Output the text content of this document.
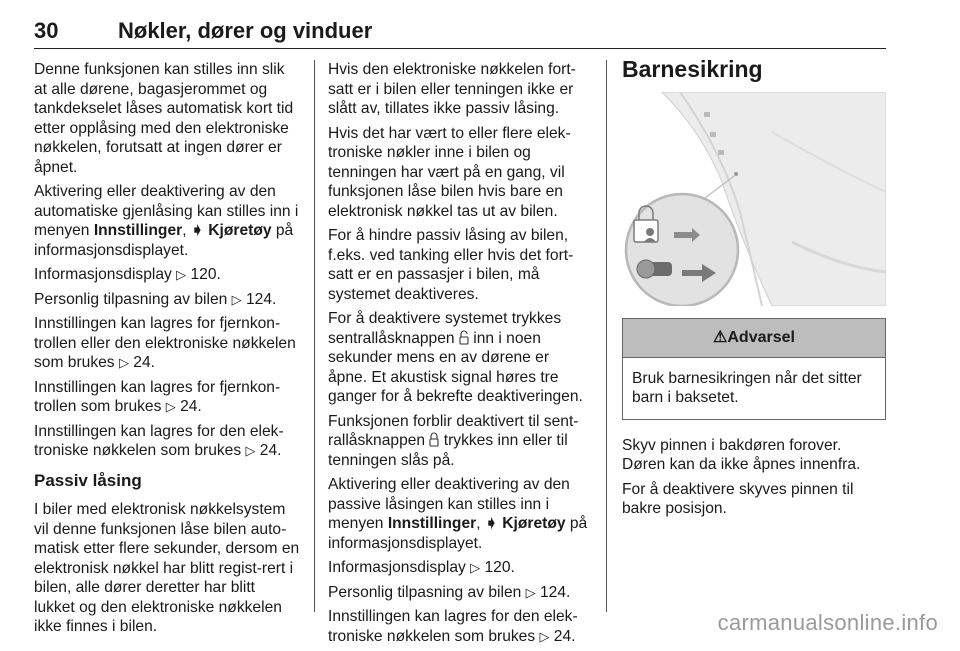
30	Nøkler, dører og vinduer

Denne funksjonen kan stilles inn slik at alle dørene, bagasjerommet og tankdekselet låses automatisk kort tid etter opplåsing med den elektroniske nøkkelen, forutsatt at ingen dører er åpnet.

Aktivering eller deaktivering av den automatiske gjenlåsing kan stilles inn i menyen Innstillinger, ➧ Kjøretøy på informasjonsdisplayet.

Informasjonsdisplay ▷ 120.

Personlig tilpasning av bilen ▷ 124.

Innstillingen kan lagres for fjernkon-trollen eller den elektroniske nøkkelen som brukes ▷ 24.

Innstillingen kan lagres for fjernkon-trollen som brukes ▷ 24.

Innstillingen kan lagres for den elek-troniske nøkkelen som brukes ▷ 24.

Passiv låsing

I biler med elektronisk nøkkelsystem vil denne funksjonen låse bilen auto-matisk etter flere sekunder, dersom en elektronisk nøkkel har blitt regist-rert i bilen, alle dører deretter har blitt lukket og den elektroniske nøkkelen ikke finnes i bilen.

Hvis den elektroniske nøkkelen fort-satt er i bilen eller tenningen ikke er slått av, tillates ikke passiv låsing.

Hvis det har vært to eller flere elek-troniske nøkler inne i bilen og tenningen har vært på en gang, vil funksjonen låse bilen hvis bare en elektronisk nøkkel tas ut av bilen.

For å hindre passiv låsing av bilen, f.eks. ved tanking eller hvis det fort-satt er en passasjer i bilen, må systemet deaktiveres.

For å deaktivere systemet trykkes sentrallåsknappen  inn i noen sekunder mens en av dørene er åpne. Et akustisk signal høres tre ganger for å bekrefte deaktiveringen.

Funksjonen forblir deaktivert til sent-rallåsknappen  trykkes inn eller til tenningen slås på.

Aktivering eller deaktivering av den passive låsingen kan stilles inn i menyen Innstillinger, ➧ Kjøretøy på informasjonsdisplayet.

Informasjonsdisplay ▷ 120.

Personlig tilpasning av bilen ▷ 124.

Innstillingen kan lagres for den elek-troniske nøkkelen som brukes ▷ 24.

Barnesikring
⚠ Advarsel
Bruk barnesikringen når det sitter barn i baksetet.

Skyv pinnen i bakdøren forover. Døren kan da ikke åpnes innenfra.

For å deaktivere skyves pinnen til bakre posisjon.

carmanualsonline.info
